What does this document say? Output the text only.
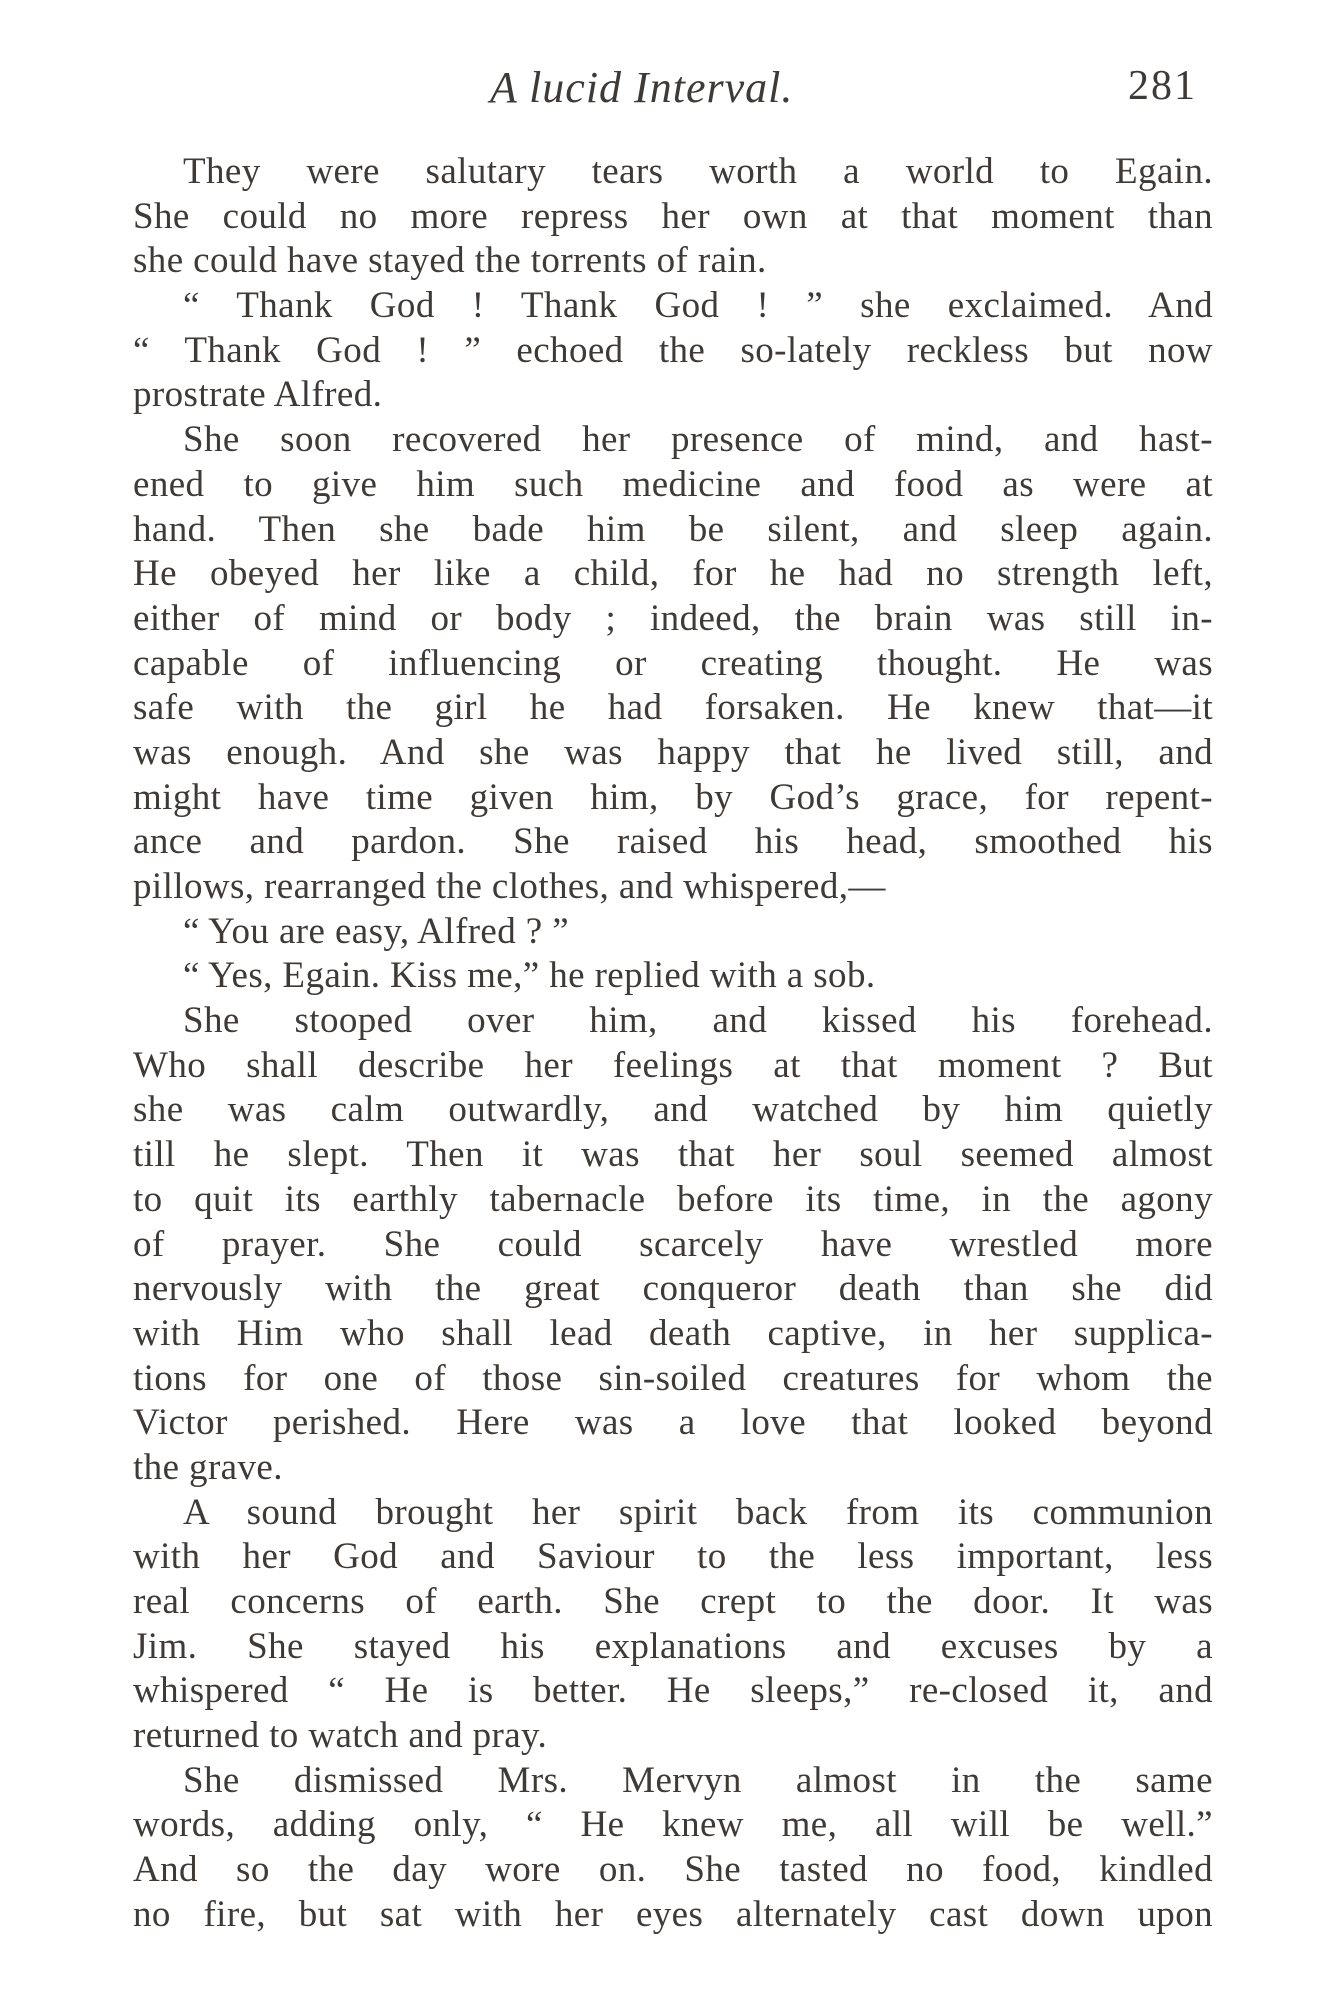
A lucid Interval.	281
They were salutary tears worth a world to Egain.
She could no more repress her own at that moment than
she could have stayed the torrents of rain.
“ Thank God ! Thank God ! ” she exclaimed. And
“ Thank God ! ” echoed the so-lately reckless but now
prostrate Alfred.
She soon recovered her presence of mind, and hast-
ened to give him such medicine and food as were at
hand. Then she bade him be silent, and sleep again.
He obeyed her like a child, for he had no strength left,
either of mind or body ; indeed, the brain was still in-
capable of influencing or creating thought. He was
safe with the girl he had forsaken. He knew that—it
was enough. And she was happy that he lived still, and
might have time given him, by God’s grace, for repent-
ance and pardon. She raised his head, smoothed his
pillows, rearranged the clothes, and whispered,—
“ You are easy, Alfred ? ”
“ Yes, Egain. Kiss me,” he replied with a sob.
She stooped over him, and kissed his forehead.
Who shall describe her feelings at that moment ? But
she was calm outwardly, and watched by him quietly
till he slept. Then it was that her soul seemed almost
to quit its earthly tabernacle before its time, in the agony
of prayer. She could scarcely have wrestled more
nervously with the great conqueror death than she did
with Him who shall lead death captive, in her supplica-
tions for one of those sin-soiled creatures for whom the
Victor perished. Here was a love that looked beyond
the grave.
A sound brought her spirit back from its communion
with her God and Saviour to the less important, less
real concerns of earth. She crept to the door. It was
Jim. She stayed his explanations and excuses by a
whispered “ He is better. He sleeps,” re-closed it, and
returned to watch and pray.
She dismissed Mrs. Mervyn almost in the same
words, adding only, “ He knew me, all will be well.”
And so the day wore on. She tasted no food, kindled
no fire, but sat with her eyes alternately cast down upon
